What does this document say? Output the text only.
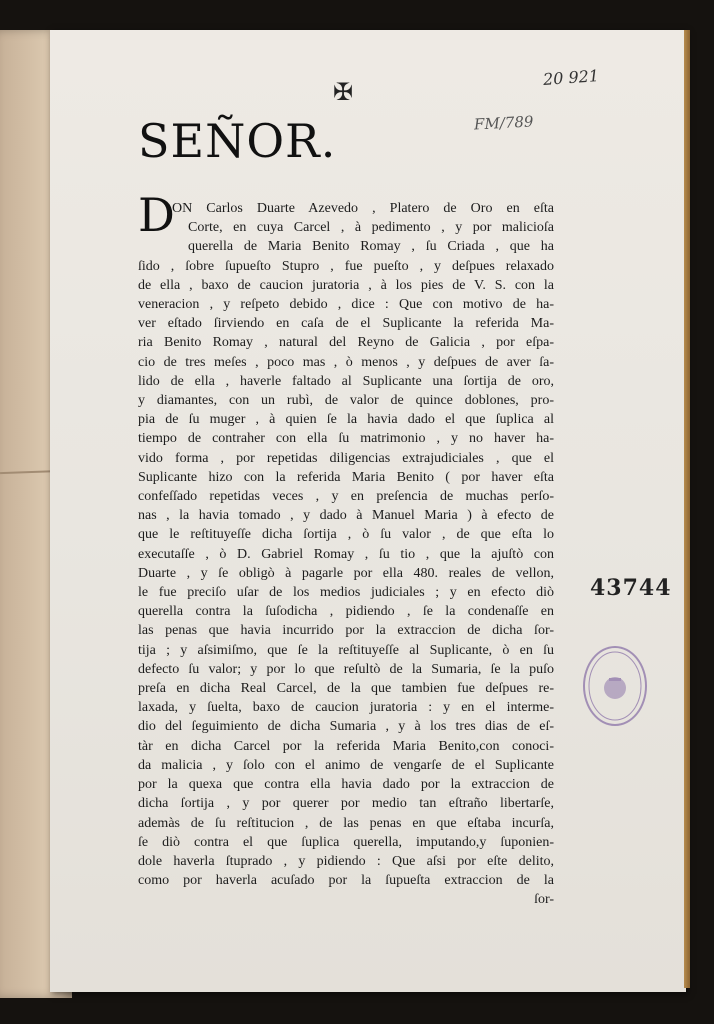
✠
20 921
FM/789
SEÑOR.
D
ON Carlos Duarte Azevedo , Platero de Oro en eſta
Corte, en cuya Carcel , à pedimento , y por malicioſa
querella de Maria Benito Romay , ſu Criada , que ha
ſido , ſobre ſupueſto Stupro , fue pueſto , y deſpues relaxado
de ella , baxo de caucion juratoria , à los pies de V. S. con la
veneracion , y reſpeto debido , dice : Que con motivo de ha-
ver eſtado ſirviendo en caſa de el Suplicante la referida Ma-
ria Benito Romay , natural del Reyno de Galicia , por eſpa-
cio de tres meſes , poco mas , ò menos , y deſpues de aver ſa-
lido de ella , haverle faltado al Suplicante una ſortija de oro,
y diamantes, con un rubì, de valor de quince doblones, pro-
pia de ſu muger , à quien ſe la havia dado el que ſuplica al
tiempo de contraher con ella ſu matrimonio , y no haver ha-
vido forma , por repetidas diligencias extrajudiciales , que el
Suplicante hizo con la referida Maria Benito ( por haver eſta
confeſſado repetidas veces , y en preſencia de muchas perſo-
nas , la havia tomado , y dado à Manuel Maria ) à efecto de
que le reſtituyeſſe dicha ſortija , ò ſu valor , de que eſta lo
executaſſe , ò D. Gabriel Romay , ſu tio , que la ajuſtò con
Duarte , y ſe obligò à pagarle por ella 480. reales de vellon,
le fue preciſo uſar de los medios judiciales ; y en efecto diò
querella contra la ſuſodicha , pidiendo , ſe la condenaſſe en
las penas que havia incurrido por la extraccion de dicha ſor-
tija ; y aſsimiſmo, que ſe la reſtituyeſſe al Suplicante, ò en ſu
defecto ſu valor; y por lo que reſultò de la Sumaria, ſe la puſo
preſa en dicha Real Carcel, de la que tambien fue deſpues re-
laxada, y ſuelta, baxo de caucion juratoria : y en el interme-
dio del ſeguimiento de dicha Sumaria , y à los tres dias de eſ-
tàr en dicha Carcel por la referida Maria Benito,con conoci-
da malicia , y ſolo con el animo de vengarſe de el Suplicante
por la quexa que contra ella havia dado por la extraccion de
dicha ſortija , y por querer por medio tan eſtraño libertarſe,
ademàs de ſu reſtitucion , de las penas en que eſtaba incurſa,
ſe diò contra el que ſuplica querella, imputando,y ſuponien-
dole haverla ſtuprado , y pidiendo : Que aſsi por eſte delito,
como por haverla acuſado por la ſupueſta extraccion de la
ſor-
43744
